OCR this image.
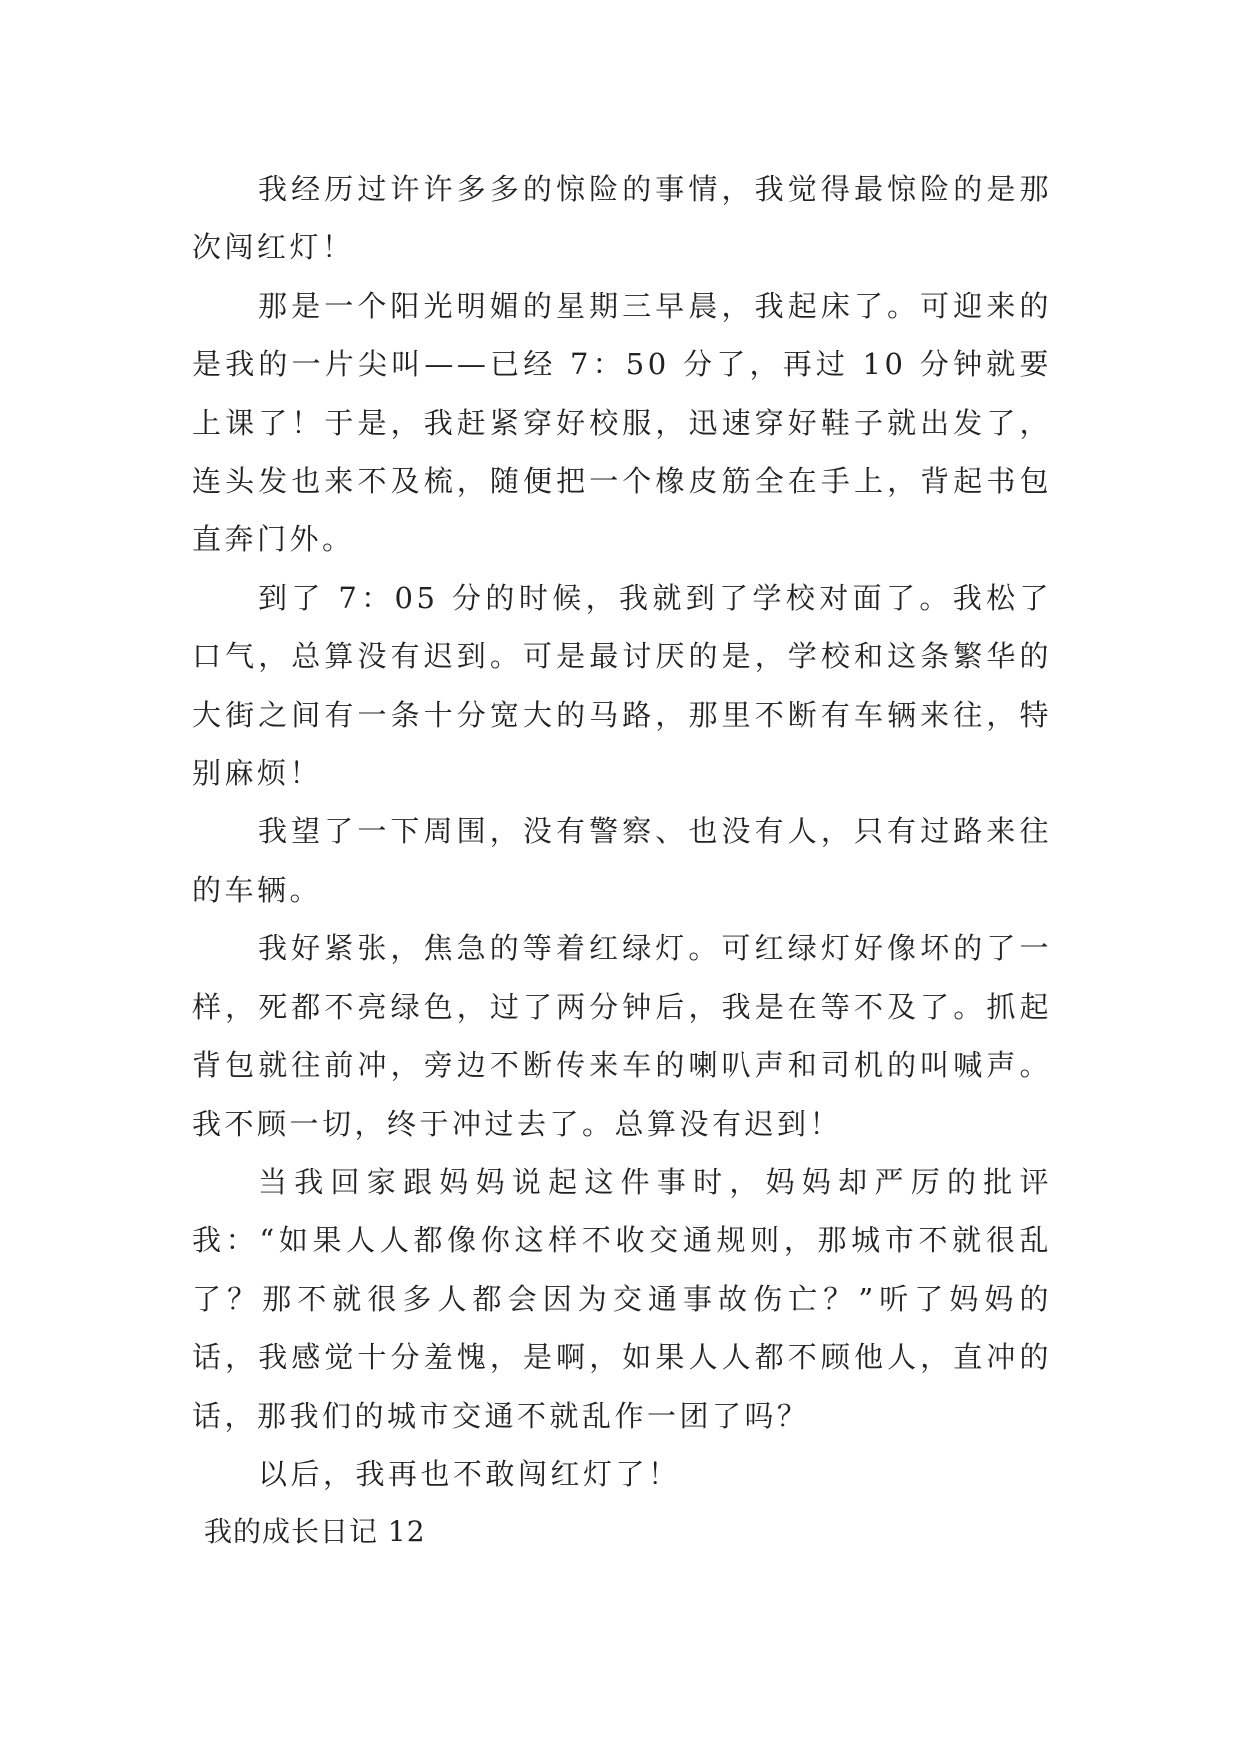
我经历过许许多多的惊险的事情，我觉得最惊险的是那次闯红灯！

那是一个阳光明媚的星期三早晨，我起床了。可迎来的是我的一片尖叫——已经 7：50 分了，再过 10 分钟就要上课了！于是，我赶紧穿好校服，迅速穿好鞋子就出发了，连头发也来不及梳，随便把一个橡皮筋全在手上，背起书包直奔门外。

到了 7：05 分的时候，我就到了学校对面了。我松了口气，总算没有迟到。可是最讨厌的是，学校和这条繁华的大街之间有一条十分宽大的马路，那里不断有车辆来往，特别麻烦！

我望了一下周围，没有警察、也没有人，只有过路来往的车辆。

我好紧张，焦急的等着红绿灯。可红绿灯好像坏的了一样，死都不亮绿色，过了两分钟后，我是在等不及了。抓起背包就往前冲，旁边不断传来车的喇叭声和司机的叫喊声。我不顾一切，终于冲过去了。总算没有迟到！

当我回家跟妈妈说起这件事时，妈妈却严厉的批评我：“如果人人都像你这样不收交通规则，那城市不就很乱了？那不就很多人都会因为交通事故伤亡？”听了妈妈的话，我感觉十分羞愧，是啊，如果人人都不顾他人，直冲的话，那我们的城市交通不就乱作一团了吗？

以后，我再也不敢闯红灯了！

我的成长日记 12
